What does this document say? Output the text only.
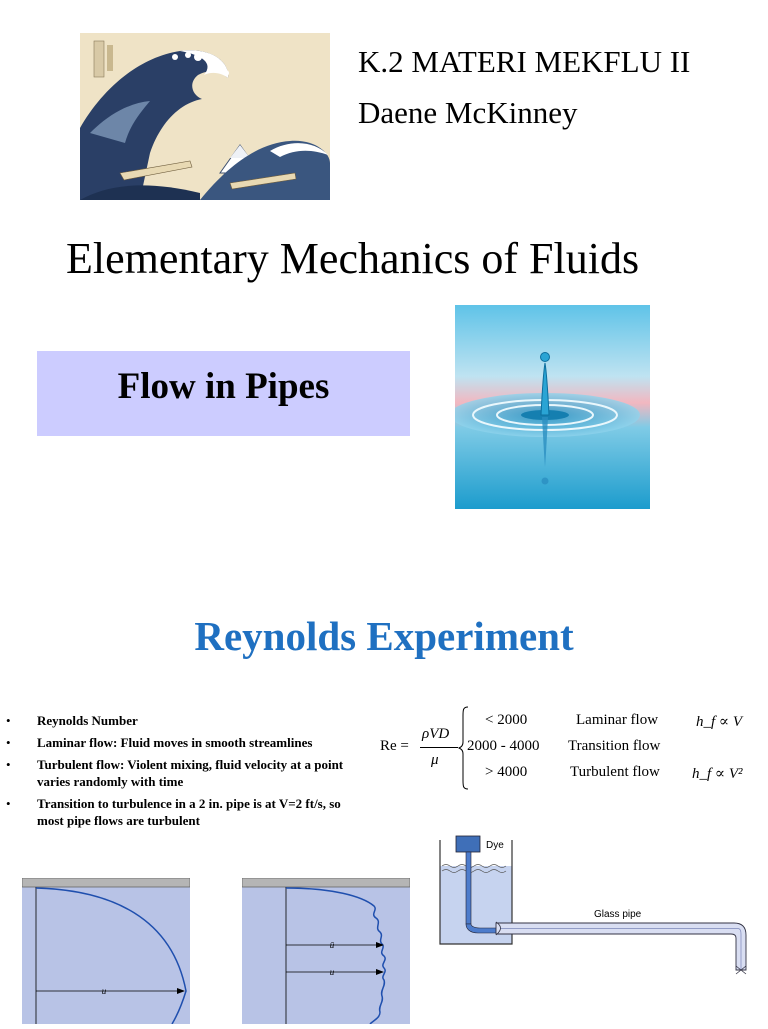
K.2 MATERI MEKFLU II
Daene McKinney
Elementary Mechanics of Fluids
Flow in Pipes
Reynolds Experiment
• Reynolds Number
• Laminar flow: Fluid moves in smooth streamlines
• Turbulent flow: Violent mixing, fluid velocity at a point varies randomly with time
• Transition to turbulence in a 2 in. pipe is at V=2 ft/s, so most pipe flows are turbulent
Re =
ρVD
μ
< 2000	Laminar flow	h_f ∝ V
2000 - 4000 Transition flow
> 4000	Turbulent flow h_f ∝ V²
u
ū
u
Dye
Glass pipe
